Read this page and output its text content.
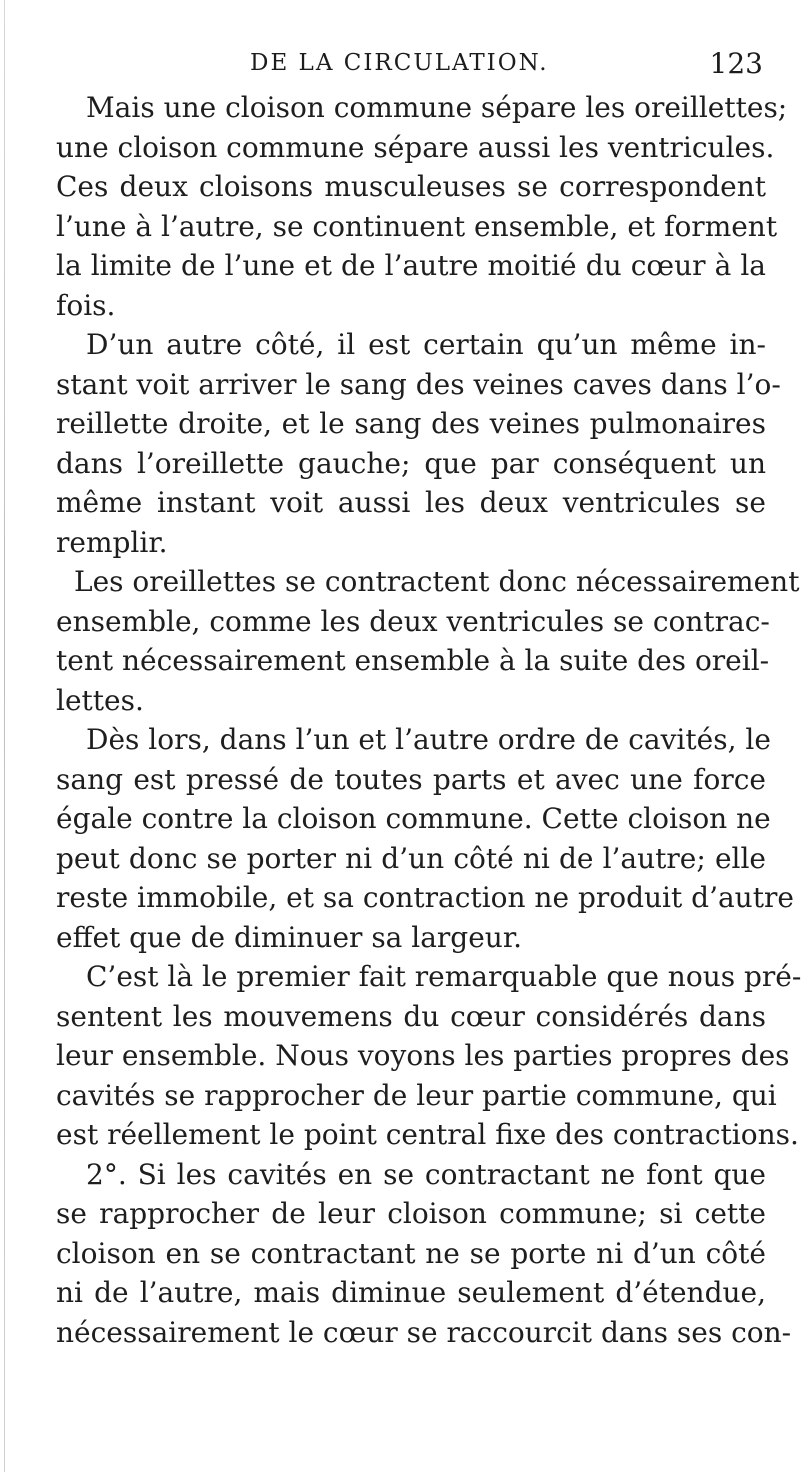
DE LA CIRCULATION.	123
Mais une cloison commune sépare les oreillettes;
une cloison commune sépare aussi les ventricules.
Ces deux cloisons musculeuses se correspondent
l’une à l’autre, se continuent ensemble, et forment
la limite de l’une et de l’autre moitié du cœur à la
fois.
D’un autre côté, il est certain qu’un même in-
stant voit arriver le sang des veines caves dans l’o-
reillette droite, et le sang des veines pulmonaires
dans l’oreillette gauche; que par conséquent un
même instant voit aussi les deux ventricules se
remplir.
Les oreillettes se contractent donc nécessairement
ensemble, comme les deux ventricules se contrac-
tent nécessairement ensemble à la suite des oreil-
lettes.
Dès lors, dans l’un et l’autre ordre de cavités, le
sang est pressé de toutes parts et avec une force
égale contre la cloison commune. Cette cloison ne
peut donc se porter ni d’un côté ni de l’autre; elle
reste immobile, et sa contraction ne produit d’autre
effet que de diminuer sa largeur.
C’est là le premier fait remarquable que nous pré-
sentent les mouvemens du cœur considérés dans
leur ensemble. Nous voyons les parties propres des
cavités se rapprocher de leur partie commune, qui
est réellement le point central fixe des contractions.
2°. Si les cavités en se contractant ne font que
se rapprocher de leur cloison commune; si cette
cloison en se contractant ne se porte ni d’un côté
ni de l’autre, mais diminue seulement d’étendue,
nécessairement le cœur se raccourcit dans ses con-
